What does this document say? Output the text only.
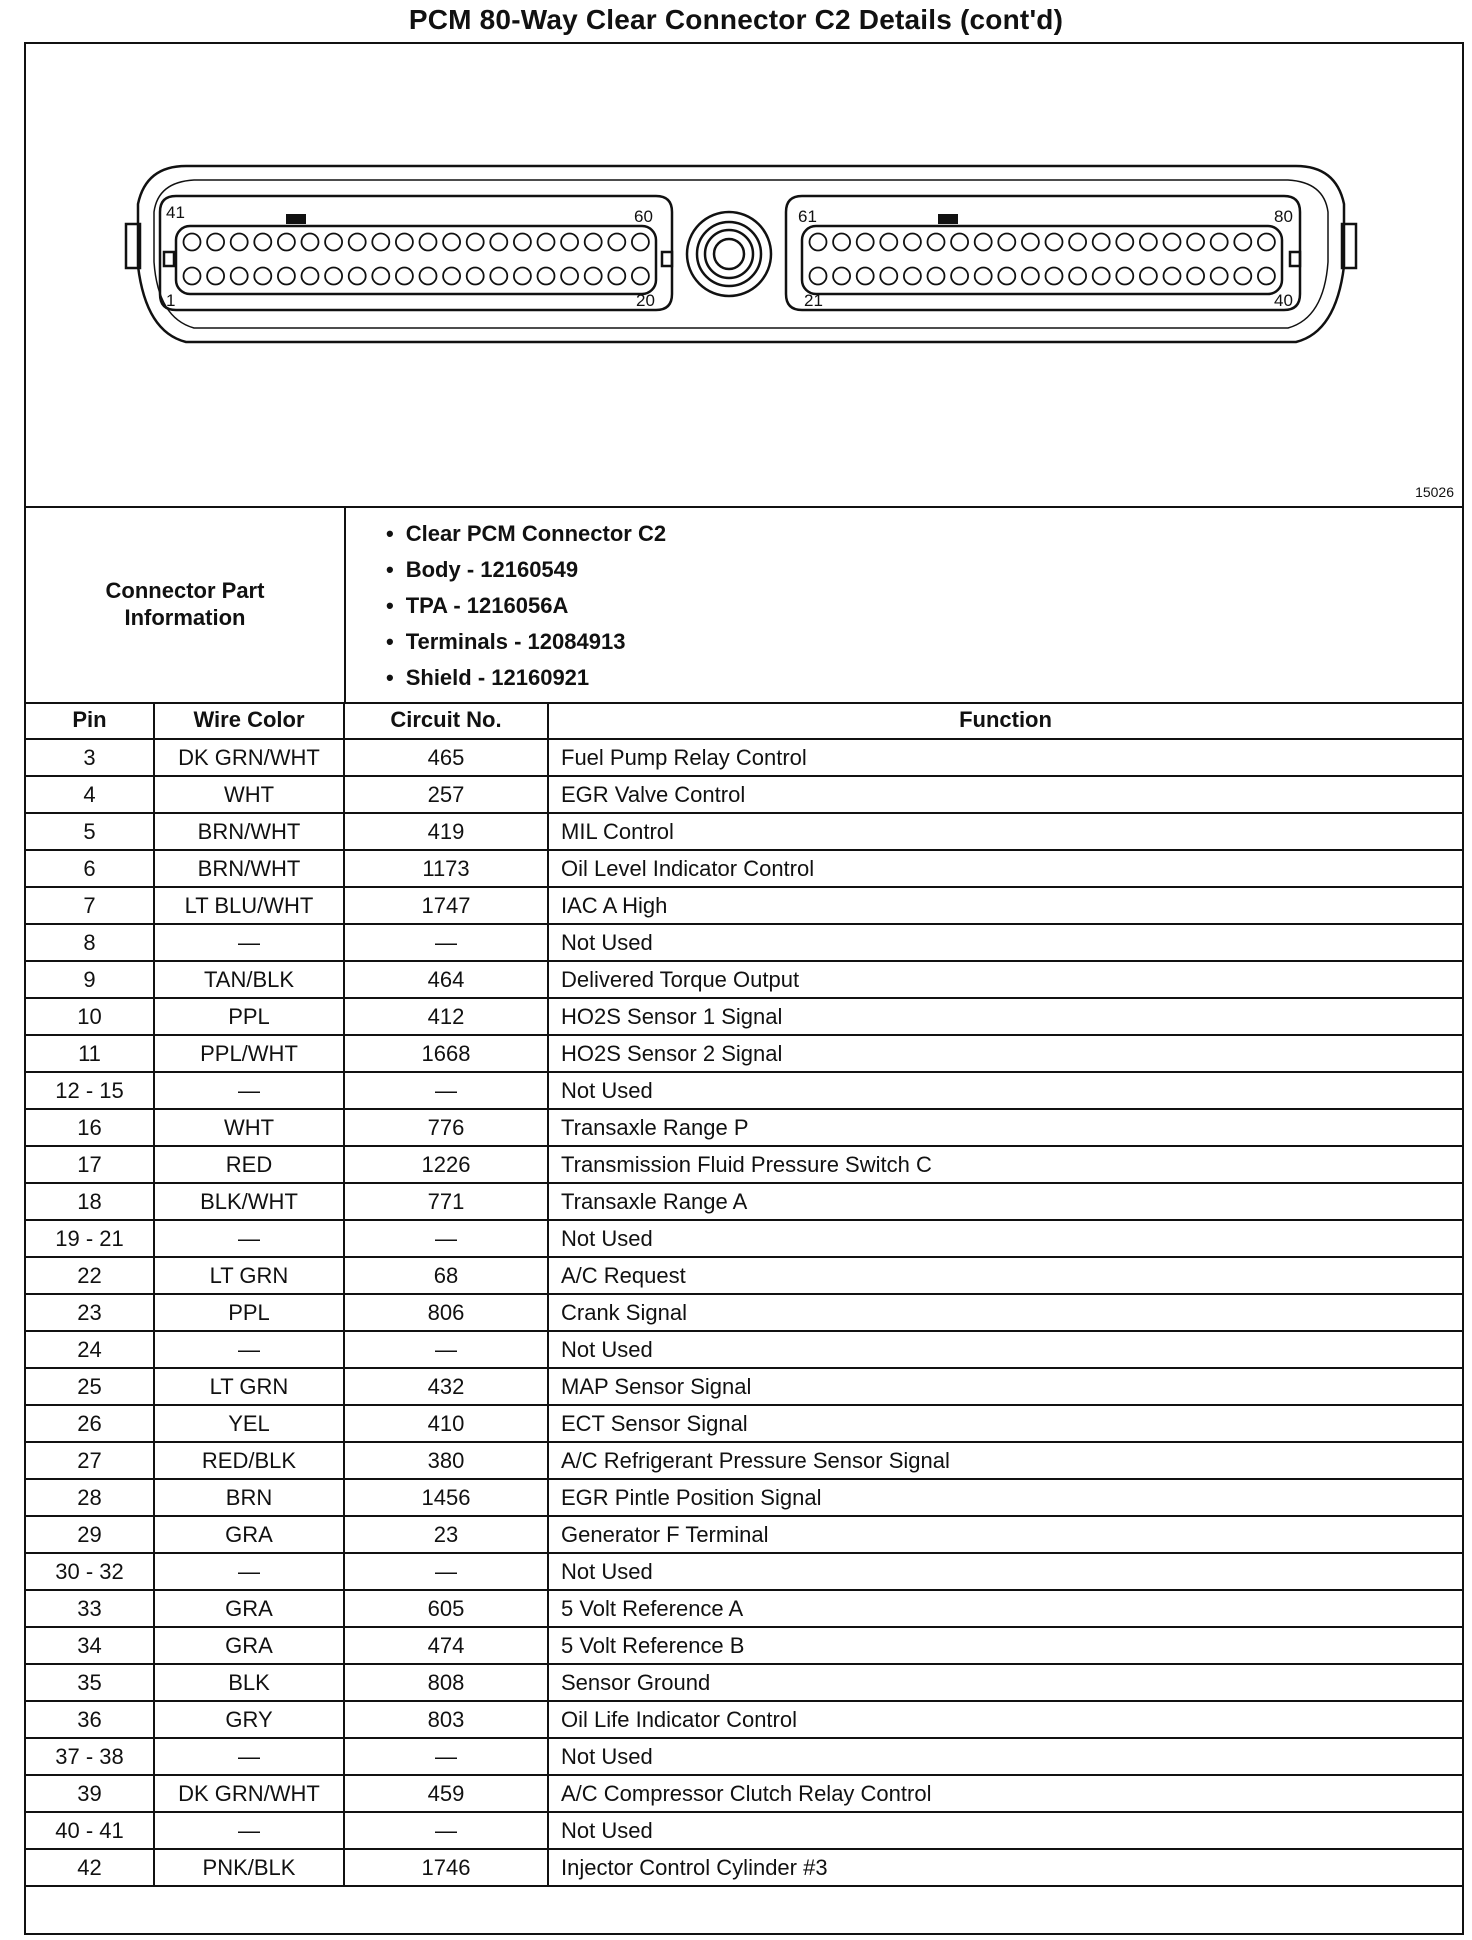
PCM 80-Way Clear Connector C2 Details (cont'd)
41	60
1	20
61	80
21	40
15026
Connector Part
Information
• Clear PCM Connector C2
• Body - 12160549
• TPA - 1216056A
• Terminals - 12084913
• Shield - 12160921
Pin	Wire Color	Circuit No.	Function
3	DK GRN/WHT	465	Fuel Pump Relay Control
4	WHT	257	EGR Valve Control
5	BRN/WHT	419	MIL Control
6	BRN/WHT	1173	Oil Level Indicator Control
7	LT BLU/WHT	1747	IAC A High
8	—	—	Not Used
9	TAN/BLK	464	Delivered Torque Output
10	PPL	412	HO2S Sensor 1 Signal
11	PPL/WHT	1668	HO2S Sensor 2 Signal
12 - 15	—	—	Not Used
16	WHT	776	Transaxle Range P
17	RED	1226	Transmission Fluid Pressure Switch C
18	BLK/WHT	771	Transaxle Range A
19 - 21	—	—	Not Used
22	LT GRN	68	A/C Request
23	PPL	806	Crank Signal
24	—	—	Not Used
25	LT GRN	432	MAP Sensor Signal
26	YEL	410	ECT Sensor Signal
27	RED/BLK	380	A/C Refrigerant Pressure Sensor Signal
28	BRN	1456	EGR Pintle Position Signal
29	GRA	23	Generator F Terminal
30 - 32	—	—	Not Used
33	GRA	605	5 Volt Reference A
34	GRA	474	5 Volt Reference B
35	BLK	808	Sensor Ground
36	GRY	803	Oil Life Indicator Control
37 - 38	—	—	Not Used
39	DK GRN/WHT	459	A/C Compressor Clutch Relay Control
40 - 41	—	—	Not Used
42	PNK/BLK	1746	Injector Control Cylinder #3
